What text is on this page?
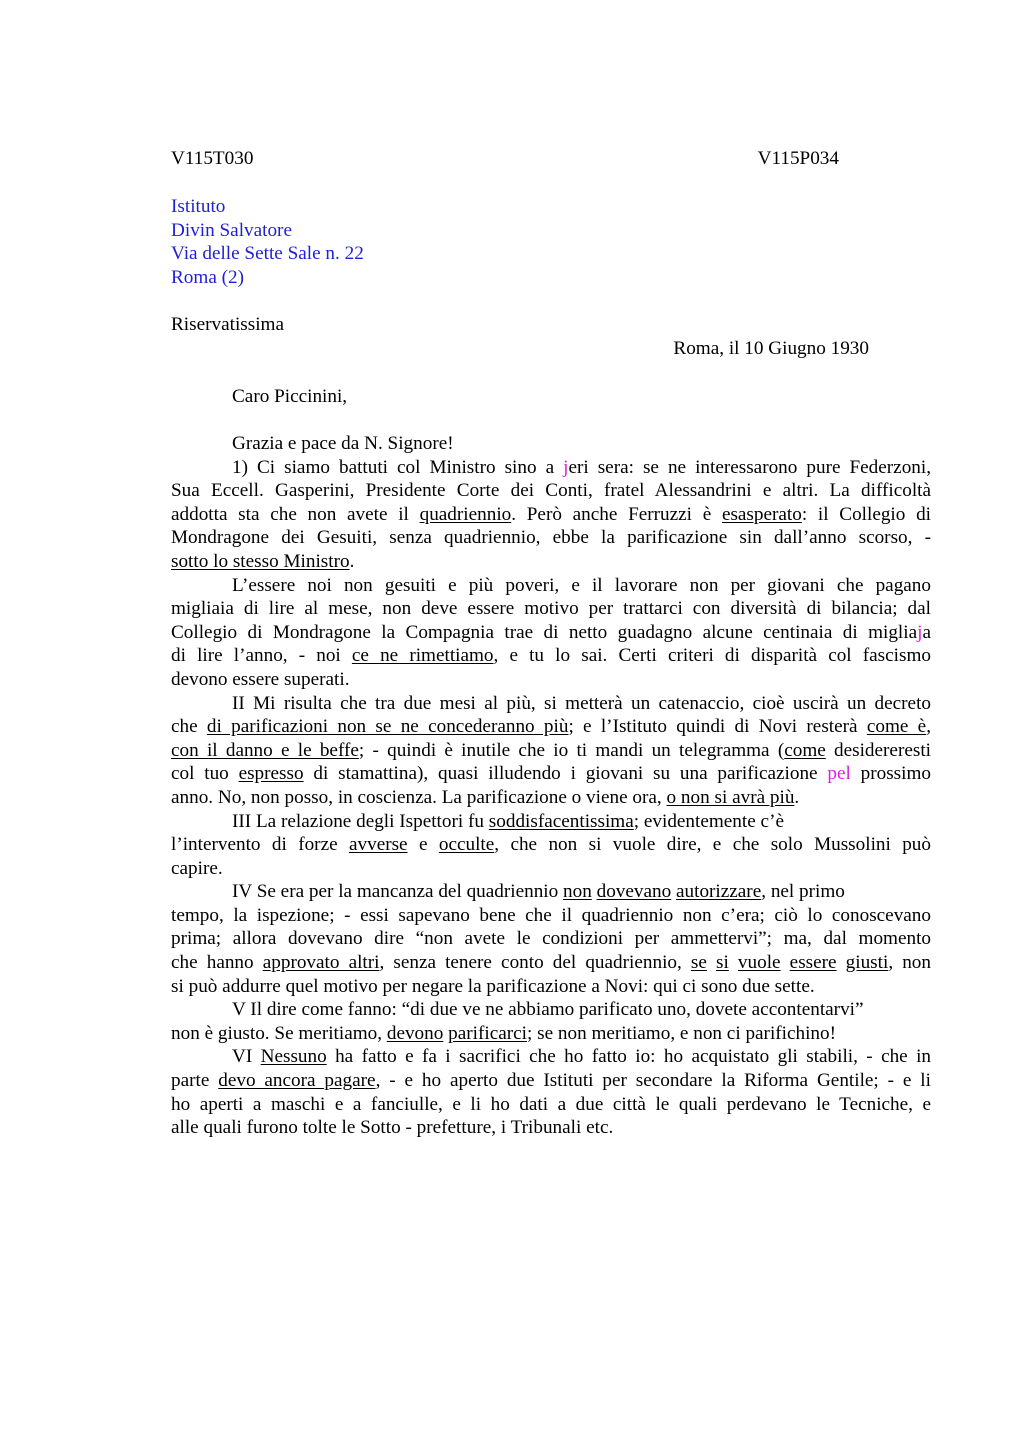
V115T030	V115P034
Istituto
Divin Salvatore
Via delle Sette Sale n. 22
Roma (2)
Riservatissima
Roma, il 10 Giugno 1930
Caro Piccinini,
Grazia e pace da N. Signore!
1) Ci siamo battuti col Ministro sino a jeri sera: se ne interessarono pure Federzoni,
Sua Eccell. Gasperini, Presidente Corte dei Conti, fratel Alessandrini e altri. La difficoltà
addotta sta che non avete il quadriennio. Però anche Ferruzzi è esasperato: il Collegio di
Mondragone dei Gesuiti, senza quadriennio, ebbe la parificazione sin dall’anno scorso, -
sotto lo stesso Ministro.
L’essere noi non gesuiti e più poveri, e il lavorare non per giovani che pagano
migliaia di lire al mese, non deve essere motivo per trattarci con diversità di bilancia; dal
Collegio di Mondragone la Compagnia trae di netto guadagno alcune centinaia di migliaja
di lire l’anno, - noi ce ne rimettiamo, e tu lo sai. Certi criteri di disparità col fascismo
devono essere superati.
II Mi risulta che tra due mesi al più, si metterà un catenaccio, cioè uscirà un decreto
che di parificazioni non se ne concederanno più; e l’Istituto quindi di Novi resterà come è,
con il danno e le beffe; - quindi è inutile che io ti mandi un telegramma (come desidereresti
col tuo espresso di stamattina), quasi illudendo i giovani su una parificazione pel prossimo
anno. No, non posso, in coscienza. La parificazione o viene ora, o non si avrà più.
III La relazione degli Ispettori fu soddisfacentissima; evidentemente c’è
l’intervento di forze avverse e occulte, che non si vuole dire, e che solo Mussolini può
capire.
IV Se era per la mancanza del quadriennio non dovevano autorizzare, nel primo
tempo, la ispezione; - essi sapevano bene che il quadriennio non c’era; ciò lo conoscevano
prima; allora dovevano dire “non avete le condizioni per ammettervi”; ma, dal momento
che hanno approvato altri, senza tenere conto del quadriennio, se si vuole essere giusti, non
si può addurre quel motivo per negare la parificazione a Novi: qui ci sono due sette.
V Il dire come fanno: “di due ve ne abbiamo parificato uno, dovete accontentarvi”
non è giusto. Se meritiamo, devono parificarci; se non meritiamo, e non ci parifichino!
VI Nessuno ha fatto e fa i sacrifici che ho fatto io: ho acquistato gli stabili, - che in
parte devo ancora pagare, - e ho aperto due Istituti per secondare la Riforma Gentile; - e li
ho aperti a maschi e a fanciulle, e li ho dati a due città le quali perdevano le Tecniche, e
alle quali furono tolte le Sotto - prefetture, i Tribunali etc.
